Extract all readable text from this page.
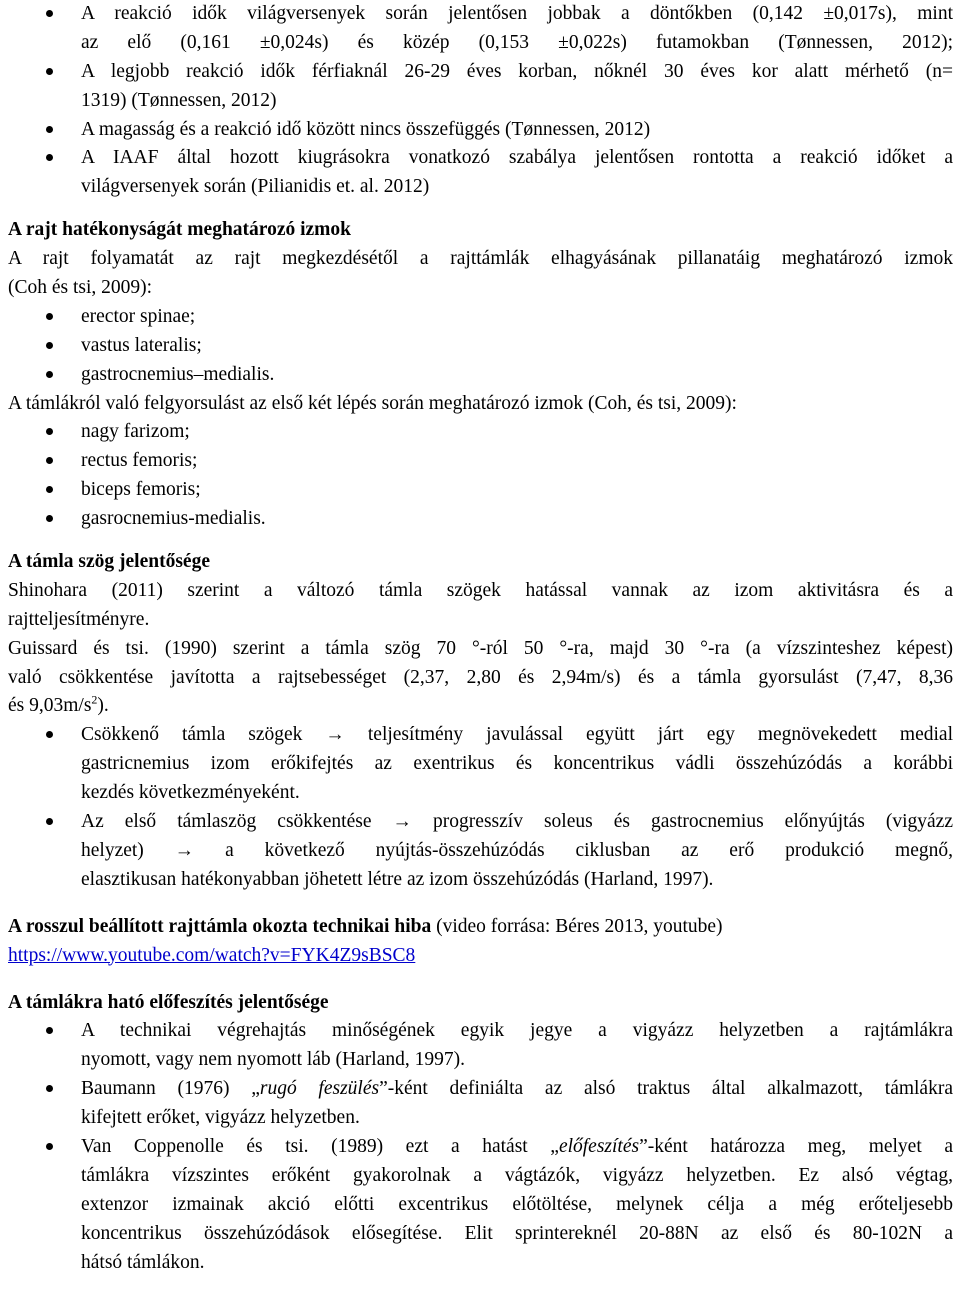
A reakció idők világversenyek során jelentősen jobbak a döntőkben (0,142 ±0,017s), mint
az elő (0,161 ±0,024s) és közép (0,153 ±0,022s) futamokban (Tønnessen, 2012);
A legjobb reakció idők férfiaknál 26-29 éves korban, nőknél 30 éves kor alatt mérhető (n=
1319) (Tønnessen, 2012)
A magasság és a reakció idő között nincs összefüggés (Tønnessen, 2012)
A IAAF által hozott kiugrásokra vonatkozó szabálya jelentősen rontotta a reakció időket a
világversenyek során (Pilianidis et. al. 2012)
A rajt hatékonyságát meghatározó izmok
A rajt folyamatát az rajt megkezdésétől a rajttámlák elhagyásának pillanatáig meghatározó izmok
(Coh és tsi, 2009):
erector spinae;
vastus lateralis;
gastrocnemius–medialis.
A támlákról való felgyorsulást az első két lépés során meghatározó izmok (Coh, és tsi, 2009):
nagy farizom;
rectus femoris;
biceps femoris;
gasrocnemius-medialis.
A támla szög jelentősége
Shinohara (2011) szerint a változó támla szögek hatással vannak az izom aktivitásra és a
rajtteljesítményre.
Guissard és tsi. (1990) szerint a támla szög 70 °-ról 50 °-ra, majd 30 °-ra (a vízszinteshez képest)
való csökkentése javította a rajtsebességet (2,37, 2,80 és 2,94m/s) és a támla gyorsulást (7,47, 8,36
és $9,03m/s^2$).
Csökkenő támla szögek → teljesítmény javulással együtt járt egy megnövekedett medial
gastricnemius izom erőkifejtés az exentrikus és koncentrikus vádli összehúzódás a korábbi
kezdés következményeként.
Az első támlaszög csökkentése → progresszív soleus és gastrocnemius előnyújtás (vigyázz
helyzet) → a következő nyújtás-összehúzódás ciklusban az erő produkció megnő,
elasztikusan hatékonyabban jöhetett létre az izom összehúzódás (Harland, 1997).
A rosszul beállított rajttámla okozta technikai hiba (video forrása: Béres 2013, youtube)
https://www.youtube.com/watch?v=FYK4Z9sBSC8
A támlákra ható előfeszítés jelentősége
A technikai végrehajtás minőségének egyik jegye a vigyázz helyzetben a rajtámlákra
nyomott, vagy nem nyomott láb (Harland, 1997).
Baumann (1976) „rugó feszülés”-ként definiálta az alsó traktus által alkalmazott, támlákra
kifejtett erőket, vigyázz helyzetben.
Van Coppenolle és tsi. (1989) ezt a hatást „előfeszítés”-ként határozza meg, melyet a
támlákra vízszintes erőként gyakorolnak a vágtázók, vigyázz helyzetben. Ez alsó végtag,
extenzor izmainak akció előtti excentrikus előtöltése, melynek célja a még erőteljesebb
koncentrikus összehúzódások elősegítése. Elit sprintereknél 20-88N az első és 80-102N a
hátsó támlákon.
